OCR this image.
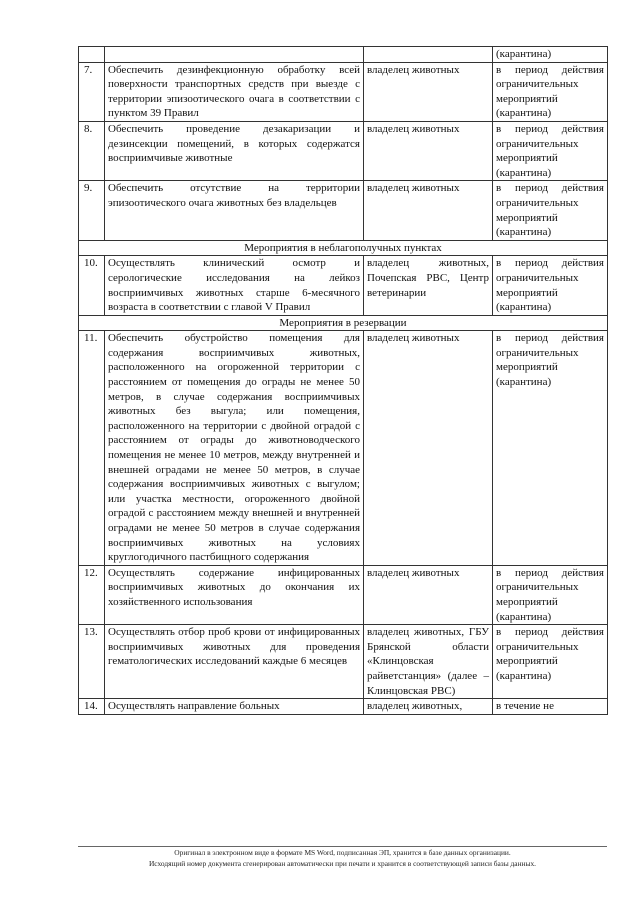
			(карантина)
7.	Обеспечить дезинфекционную обработку всей поверхности транспортных средств при выезде с территории эпизоотического очага в соответствии с пунктом 39 Правил	владелец животных	в период действия ограничительных мероприятий (карантина)
8.	Обеспечить проведение дезакаризации и дезинсекции помещений, в которых содержатся восприимчивые животные	владелец животных	в период действия ограничительных мероприятий (карантина)
9.	Обеспечить отсутствие на территории эпизоотического очага животных без владельцев	владелец животных	в период действия ограничительных мероприятий (карантина)
Мероприятия в неблагополучных пунктах			
10.	Осуществлять клинический осмотр и серологические исследования на лейкоз восприимчивых животных старше 6-месячного возраста в соответствии с главой V Правил	владелец животных, Почепская РВС, Центр ветеринарии	в период действия ограничительных мероприятий (карантина)
Мероприятия в резервации			
11.	Обеспечить обустройство помещения для содержания восприимчивых животных, расположенного на огороженной территории с расстоянием от помещения до ограды не менее 50 метров, в случае содержания восприимчивых животных без выгула; или помещения, расположенного на территории с двойной оградой с расстоянием от ограды до животноводческого помещения не менее 10 метров, между внутренней и внешней оградами не менее 50 метров, в случае содержания восприимчивых животных с выгулом; или участка местности, огороженного двойной оградой с расстоянием между внешней и внутренней оградами не менее 50 метров в случае содержания восприимчивых животных на условиях круглогодичного пастбищного содержания	владелец животных	в период действия ограничительных мероприятий (карантина)
12.	Осуществлять содержание инфицированных восприимчивых животных до окончания их хозяйственного использования	владелец животных	в период действия ограничительных мероприятий (карантина)
13.	Осуществлять отбор проб крови от инфицированных восприимчивых животных для проведения гематологических исследований каждые 6 месяцев	владелец животных, ГБУ Брянской области «Клинцовская райветстанция» (далее – Клинцовская РВС)	в период действия ограничительных мероприятий (карантина)
14.	Осуществлять направление больных	владелец животных,	в течение не
Оригинал в электронном виде в формате MS Word, подписанная ЭП, хранится в базе данных организации.
Исходящий номер документа сгенерирован автоматически при печати и хранится в соответствующей записи базы данных.
